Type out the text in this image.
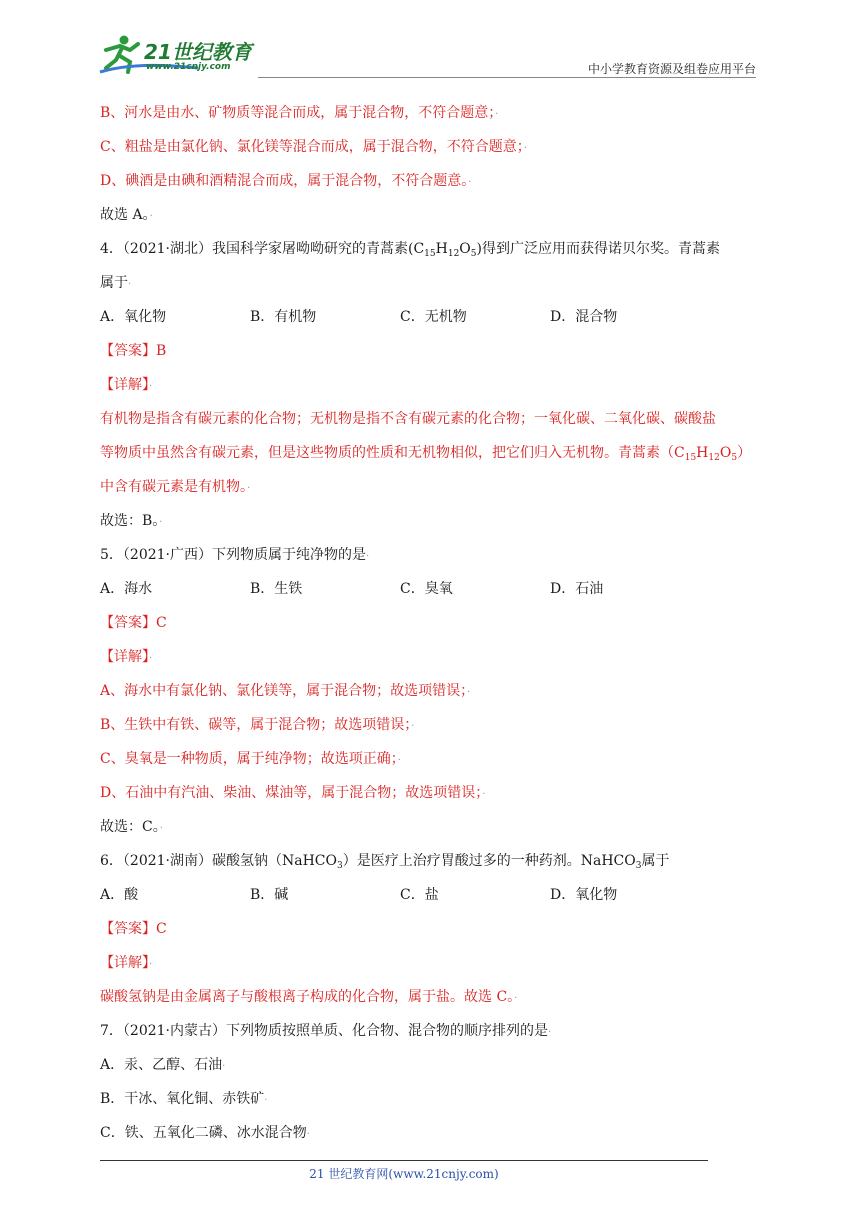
21世纪教育
www.21cnjy.com	中小学教育资源及组卷应用平台
B、河水是由水、矿物质等混合而成，属于混合物，不符合题意；·
C、粗盐是由氯化钠、氯化镁等混合而成，属于混合物，不符合题意；·
D、碘酒是由碘和酒精混合而成，属于混合物，不符合题意。·
故选 A。·
4．（2021·湖北）我国科学家屠呦呦研究的青蒿素$(C_{15}H_{12}O_5)$得到广泛应用而获得诺贝尔奖。青蒿素
属于·
A．氧化物	B．有机物	C．无机物	D．混合物
【答案】B
【详解】·
有机物是指含有碳元素的化合物；无机物是指不含有碳元素的化合物；一氧化碳、二氧化碳、碳酸盐
等物质中虽然含有碳元素，但是这些物质的性质和无机物相似，把它们归入无机物。青蒿素$(C_{15}H_{12}O_5)$
中含有碳元素是有机物。·
故选：B。·
5．（2021·广西）下列物质属于纯净物的是·
A．海水	B．生铁	C．臭氧	D．石油
【答案】C
【详解】·
A、海水中有氯化钠、氯化镁等，属于混合物；故选项错误；·
B、生铁中有铁、碳等，属于混合物；故选项错误；·
C、臭氧是一种物质，属于纯净物；故选项正确；·
D、石油中有汽油、柴油、煤油等，属于混合物；故选项错误；·
故选：C。·
6．（2021·湖南）碳酸氢钠（NaHCO$_3$）是医疗上治疗胃酸过多的一种药剂。NaHCO$_3$属于
A．酸	B．碱	C．盐	D．氧化物
【答案】C
【详解】·
碳酸氢钠是由金属离子与酸根离子构成的化合物，属于盐。故选 C。·
7．（2021·内蒙古）下列物质按照单质、化合物、混合物的顺序排列的是·
A．汞、乙醇、石油·
B．干冰、氧化铜、赤铁矿·
C．铁、五氧化二磷、冰水混合物·
21 世纪教育网(www.21cnjy.com)
